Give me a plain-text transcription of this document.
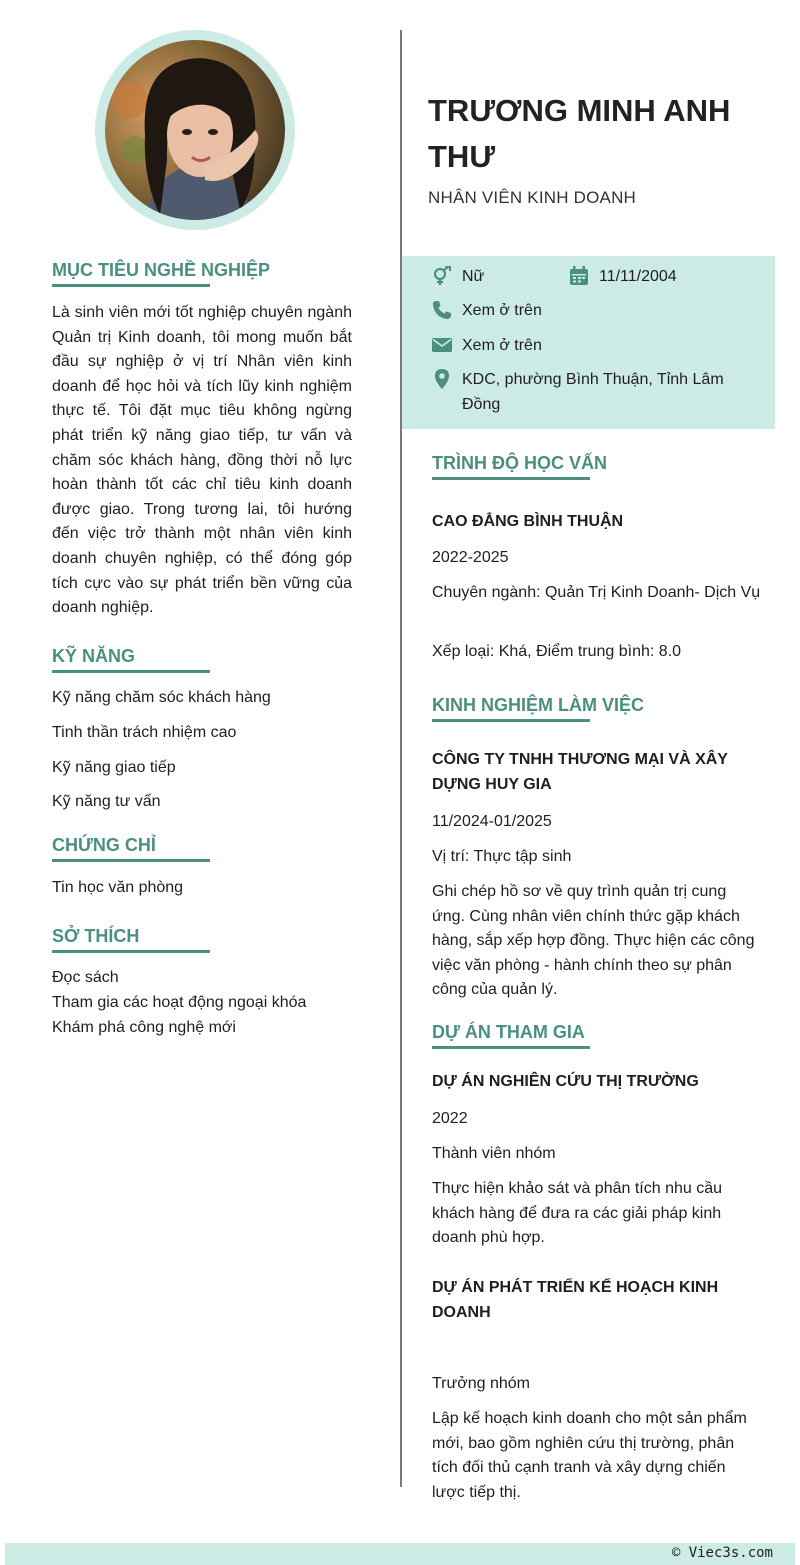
MỤC TIÊU NGHỀ NGHIỆP

Là sinh viên mới tốt nghiệp chuyên ngành Quản trị Kinh doanh, tôi mong muốn bắt đầu sự nghiệp ở vị trí Nhân viên kinh doanh để học hỏi và tích lũy kinh nghiệm thực tế. Tôi đặt mục tiêu không ngừng phát triển kỹ năng giao tiếp, tư vấn và chăm sóc khách hàng, đồng thời nỗ lực hoàn thành tốt các chỉ tiêu kinh doanh được giao. Trong tương lai, tôi hướng đến việc trở thành một nhân viên kinh doanh chuyên nghiệp, có thể đóng góp tích cực vào sự phát triển bền vững của doanh nghiệp.

KỸ NĂNG
Kỹ năng chăm sóc khách hàng
Tinh thần trách nhiệm cao
Kỹ năng giao tiếp
Kỹ năng tư vấn
CHỨNG CHỈ
Tin học văn phòng
SỞ THÍCH
Đọc sách
Tham gia các hoạt động ngoại khóa
Khám phá công nghệ mới
TRƯƠNG MINH ANH THƯ
NHÂN VIÊN KINH DOANH
Nữ	11/11/2004
Xem ở trên
Xem ở trên
KDC, phường Bình Thuận, Tỉnh Lâm Đồng
TRÌNH ĐỘ HỌC VẤN
CAO ĐẲNG BÌNH THUẬN
2022-2025
Chuyên ngành: Quản Trị Kinh Doanh- Dịch Vụ
Xếp loại: Khá, Điểm trung bình: 8.0
KINH NGHIỆM LÀM VIỆC
CÔNG TY TNHH THƯƠNG MẠI VÀ XÂY DỰNG HUY GIA
11/2024-01/2025
Vị trí: Thực tập sinh
Ghi chép hồ sơ về quy trình quản trị cung ứng. Cùng nhân viên chính thức gặp khách hàng, sắp xếp hợp đồng. Thực hiện các công việc văn phòng - hành chính theo sự phân công của quản lý.
DỰ ÁN THAM GIA
DỰ ÁN NGHIÊN CỨU THỊ TRƯỜNG
2022
Thành viên nhóm
Thực hiện khảo sát và phân tích nhu cầu khách hàng để đưa ra các giải pháp kinh doanh phù hợp.
DỰ ÁN PHÁT TRIỂN KẾ HOẠCH KINH DOANH
Trưởng nhóm
Lập kế hoạch kinh doanh cho một sản phẩm mới, bao gồm nghiên cứu thị trường, phân tích đối thủ cạnh tranh và xây dựng chiến lược tiếp thị.
© Viec3s.com
